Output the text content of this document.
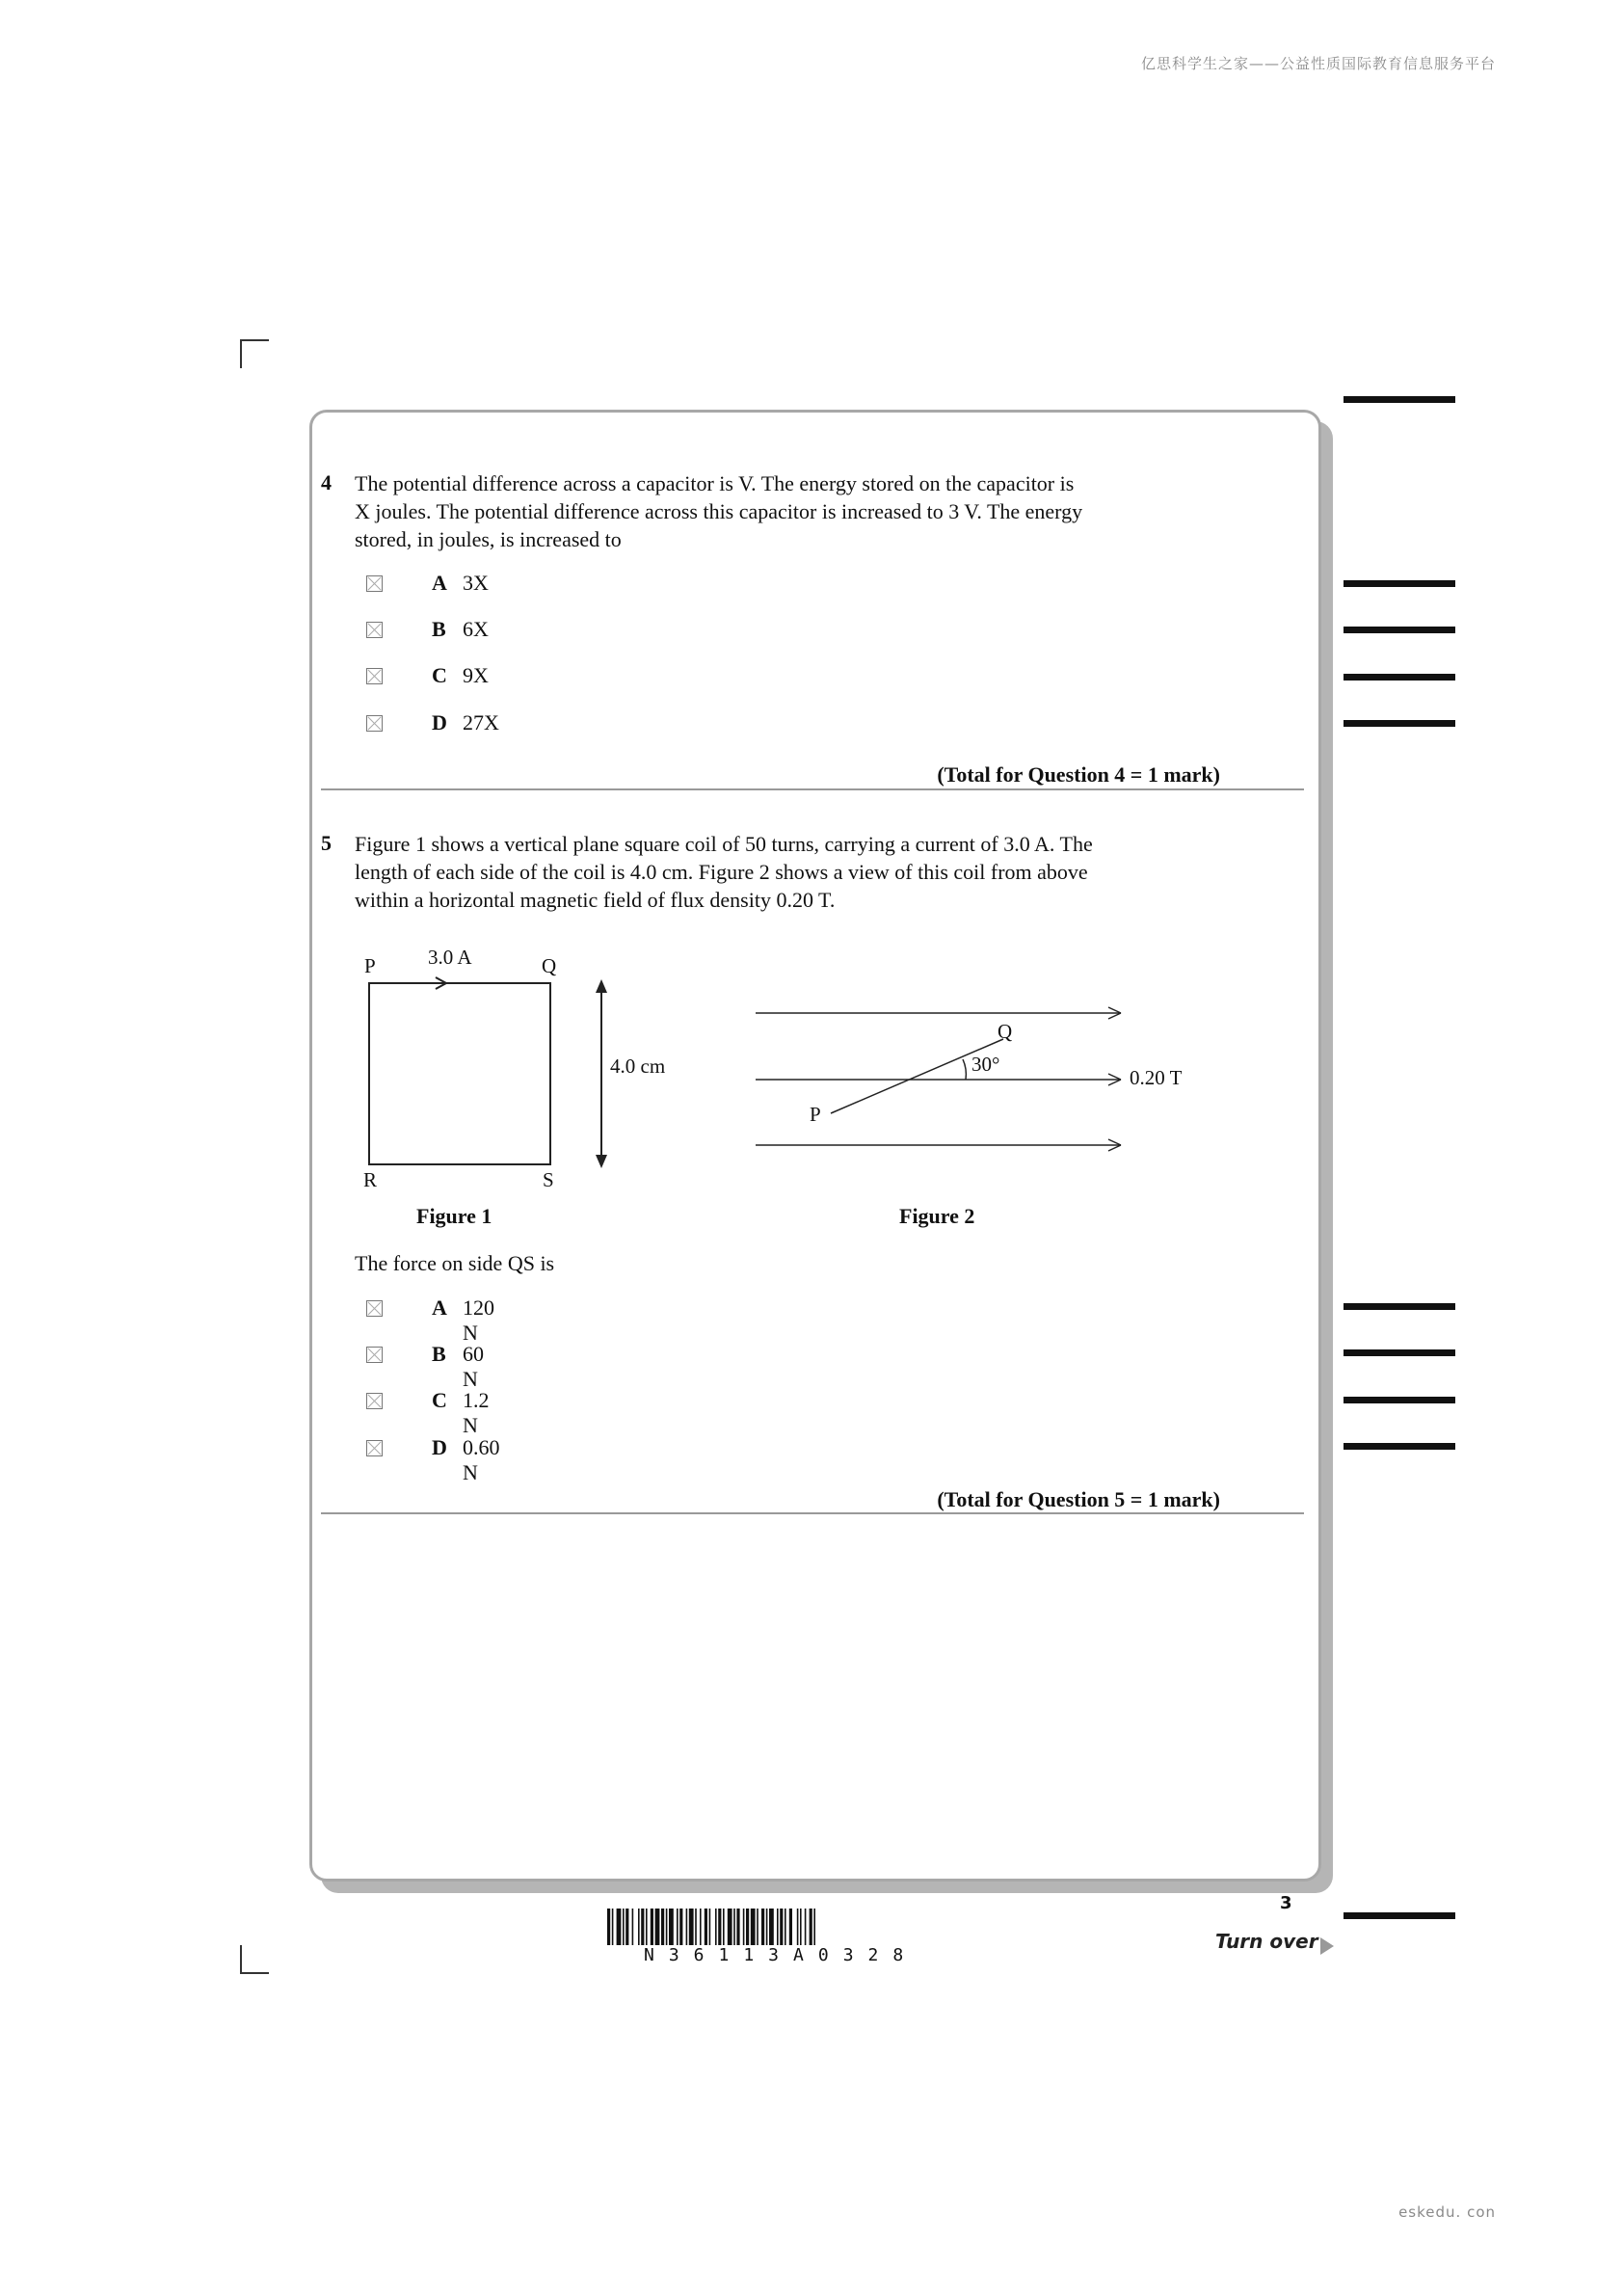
亿思科学生之家——公益性质国际教育信息服务平台
4 The potential difference across a capacitor is V. The energy stored on the capacitor is
X joules. The potential difference across this capacitor is increased to 3 V. The energy
stored, in joules, is increased to
A 3X
B 6X
C 9X
D 27X
(Total for Question 4 = 1 mark)
5 Figure 1 shows a vertical plane square coil of 50 turns, carrying a current of 3.0 A. The
length of each side of the coil is 4.0 cm. Figure 2 shows a view of this coil from above
within a horizontal magnetic field of flux density 0.20 T.
P	Q
3.0 A
4.0 cm
R	S
Figure 1
Q
30°
0.20 T
P
Figure 2
The force on side QS is
A 120 N
B 60 N
C 1.2 N
D 0.60 N
(Total for Question 5 = 1 mark)
3
N36113A0328
Turn over
eskedu. con
